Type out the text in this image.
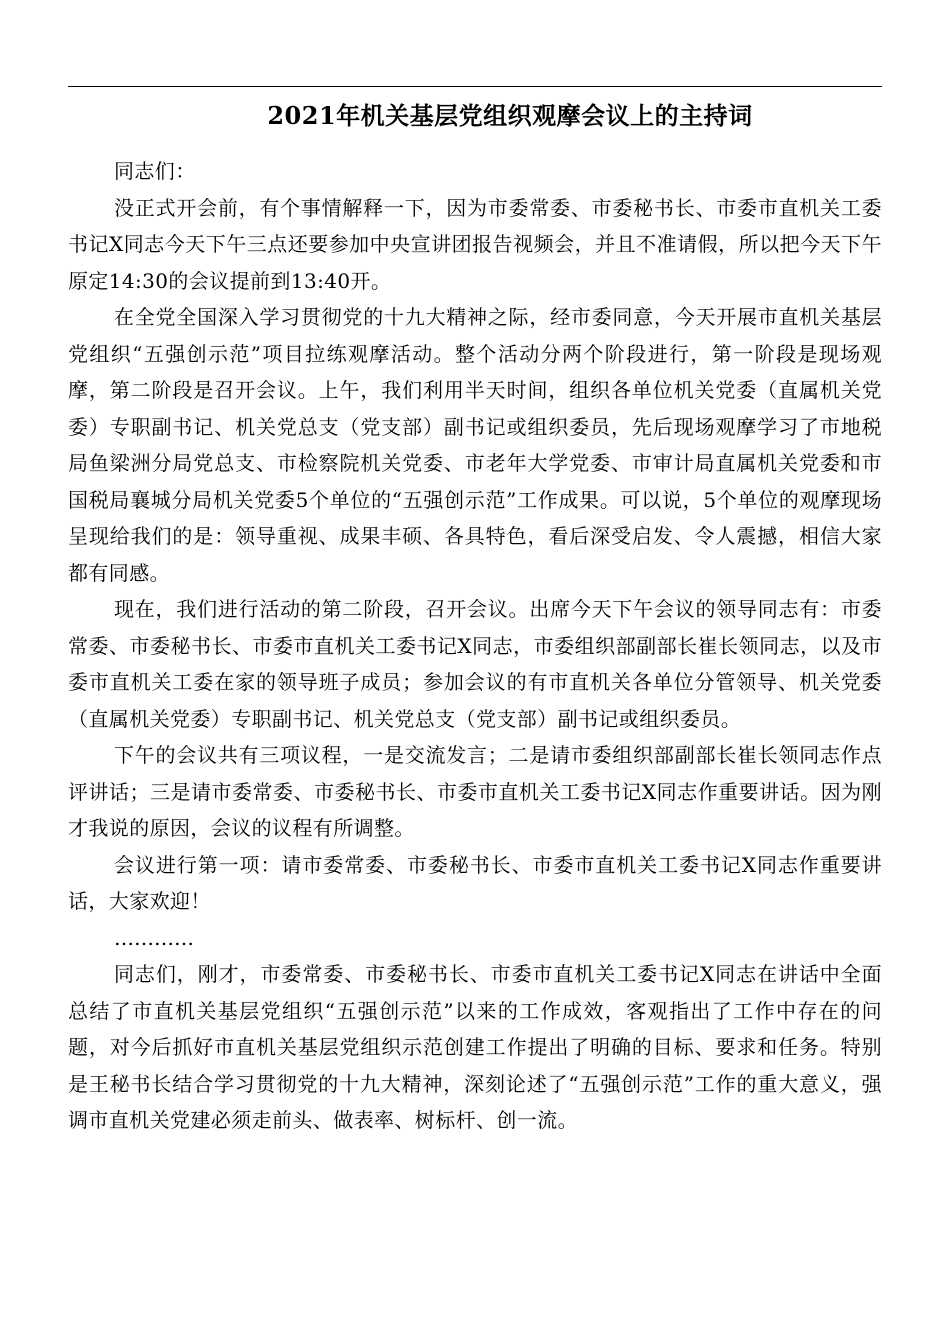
2021年机关基层党组织观摩会议上的主持词

同志们：

没正式开会前，有个事情解释一下，因为市委常委、市委秘书长、市委市直机关工委书记X同志今天下午三点还要参加中央宣讲团报告视频会，并且不准请假，所以把今天下午原定14:30的会议提前到13:40开。

在全党全国深入学习贯彻党的十九大精神之际，经市委同意，今天开展市直机关基层党组织“五强创示范”项目拉练观摩活动。整个活动分两个阶段进行，第一阶段是现场观摩，第二阶段是召开会议。上午，我们利用半天时间，组织各单位机关党委（直属机关党委）专职副书记、机关党总支（党支部）副书记或组织委员，先后现场观摩学习了市地税局鱼梁洲分局党总支、市检察院机关党委、市老年大学党委、市审计局直属机关党委和市国税局襄城分局机关党委5个单位的“五强创示范”工作成果。可以说，5个单位的观摩现场呈现给我们的是：领导重视、成果丰硕、各具特色，看后深受启发、令人震撼，相信大家都有同感。

现在，我们进行活动的第二阶段，召开会议。出席今天下午会议的领导同志有：市委常委、市委秘书长、市委市直机关工委书记X同志，市委组织部副部长崔长领同志，以及市委市直机关工委在家的领导班子成员；参加会议的有市直机关各单位分管领导、机关党委（直属机关党委）专职副书记、机关党总支（党支部）副书记或组织委员。

下午的会议共有三项议程，一是交流发言；二是请市委组织部副部长崔长领同志作点评讲话；三是请市委常委、市委秘书长、市委市直机关工委书记X同志作重要讲话。因为刚才我说的原因，会议的议程有所调整。

会议进行第一项：请市委常委、市委秘书长、市委市直机关工委书记X同志作重要讲话，大家欢迎！

…………

同志们，刚才，市委常委、市委秘书长、市委市直机关工委书记X同志在讲话中全面总结了市直机关基层党组织“五强创示范”以来的工作成效，客观指出了工作中存在的问题，对今后抓好市直机关基层党组织示范创建工作提出了明确的目标、要求和任务。特别是王秘书长结合学习贯彻党的十九大精神，深刻论述了“五强创示范”工作的重大意义，强调市直机关党建必须走前头、做表率、树标杆、创一流。
